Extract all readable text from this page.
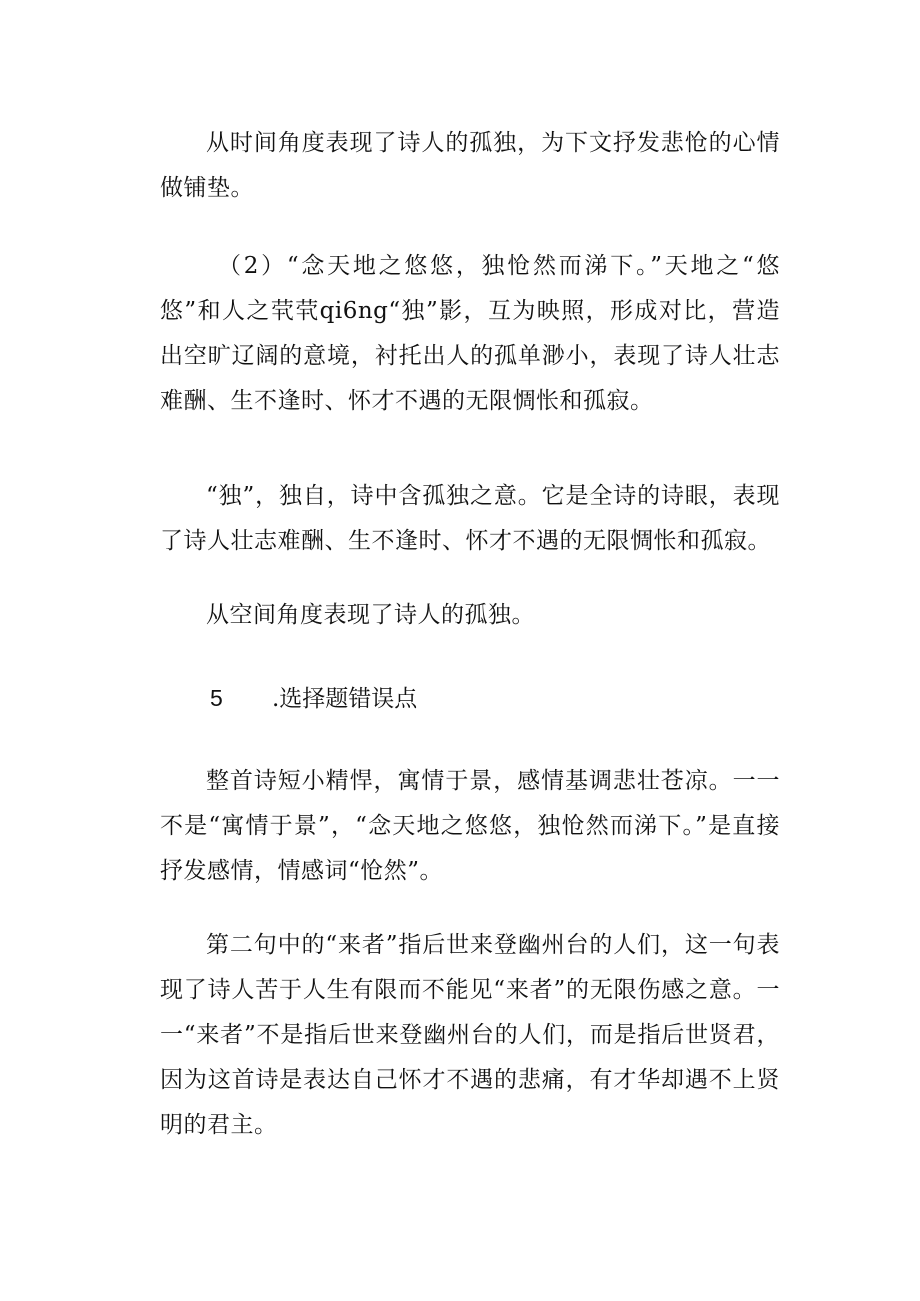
从时间角度表现了诗人的孤独，为下文抒发悲怆的心情做铺垫。

（2）“念天地之悠悠，独怆然而涕下。”天地之“悠悠”和人之茕茕qi6ng“独”影，互为映照，形成对比，营造出空旷辽阔的意境，衬托出人的孤单渺小，表现了诗人壮志难酬、生不逢时、怀才不遇的无限惆怅和孤寂。

“独”，独自，诗中含孤独之意。它是全诗的诗眼，表现了诗人壮志难酬、生不逢时、怀才不遇的无限惆怅和孤寂。

从空间角度表现了诗人的孤独。

5 .选择题错误点

整首诗短小精悍，寓情于景，感情基调悲壮苍凉。一一不是“寓情于景”，“念天地之悠悠，独怆然而涕下。”是直接抒发感情，情感词“怆然”。

第二句中的“来者”指后世来登幽州台的人们，这一句表现了诗人苦于人生有限而不能见“来者”的无限伤感之意。一一“来者”不是指后世来登幽州台的人们，而是指后世贤君，因为这首诗是表达自己怀才不遇的悲痛，有才华却遇不上贤明的君主。
